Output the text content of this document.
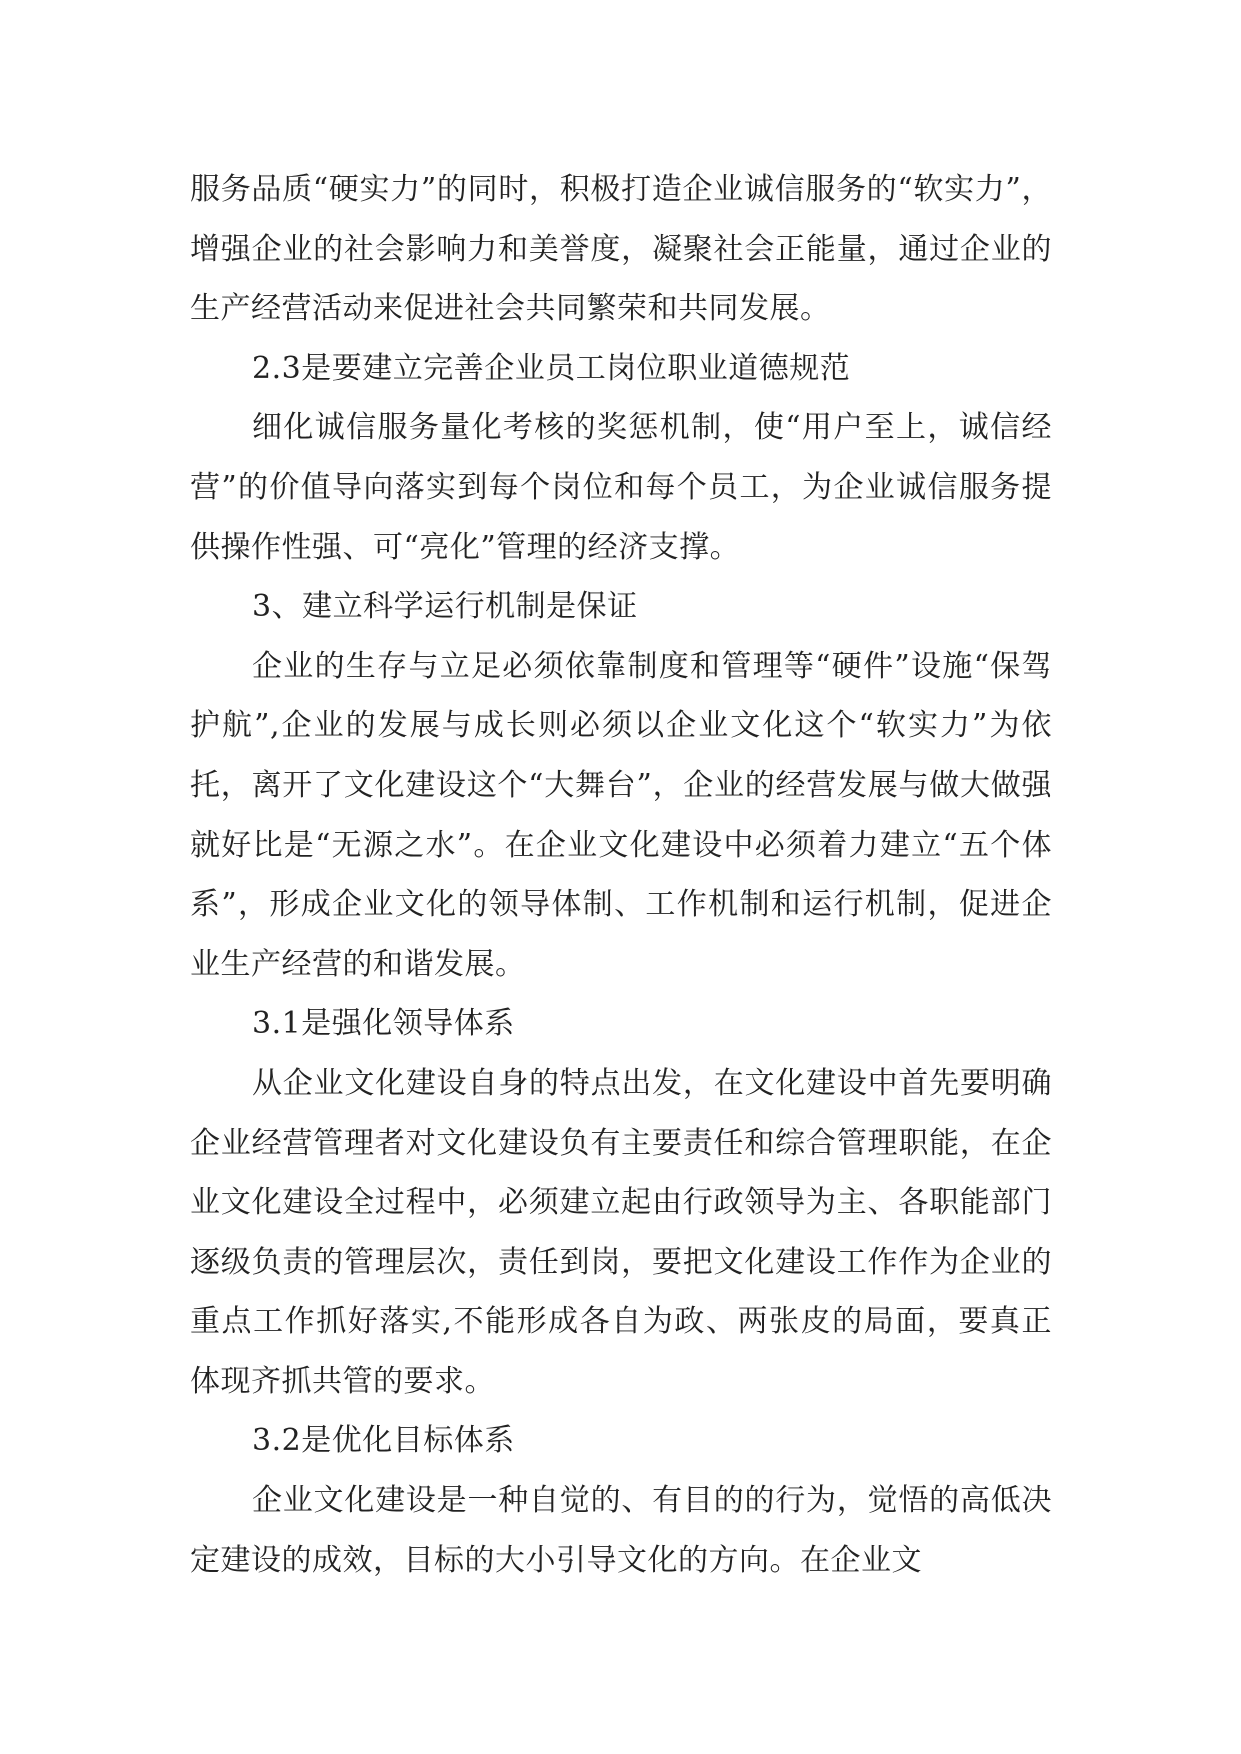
服务品质“硬实力”的同时，积极打造企业诚信服务的“软实力”，增强企业的社会影响力和美誉度，凝聚社会正能量，通过企业的生产经营活动来促进社会共同繁荣和共同发展。

2.3是要建立完善企业员工岗位职业道德规范

细化诚信服务量化考核的奖惩机制，使“用户至上，诚信经营”的价值导向落实到每个岗位和每个员工，为企业诚信服务提供操作性强、可“亮化”管理的经济支撑。

3、建立科学运行机制是保证

企业的生存与立足必须依靠制度和管理等“硬件”设施“保驾护航”,企业的发展与成长则必须以企业文化这个“软实力”为依托，离开了文化建设这个“大舞台”，企业的经营发展与做大做强就好比是“无源之水”。在企业文化建设中必须着力建立“五个体系”，形成企业文化的领导体制、工作机制和运行机制，促进企业生产经营的和谐发展。

3.1是强化领导体系

从企业文化建设自身的特点出发，在文化建设中首先要明确企业经营管理者对文化建设负有主要责任和综合管理职能，在企业文化建设全过程中，必须建立起由行政领导为主、各职能部门逐级负责的管理层次，责任到岗，要把文化建设工作作为企业的重点工作抓好落实,不能形成各自为政、两张皮的局面，要真正体现齐抓共管的要求。

3.2是优化目标体系

企业文化建设是一种自觉的、有目的的行为，觉悟的高低决定建设的成效，目标的大小引导文化的方向。在企业文
